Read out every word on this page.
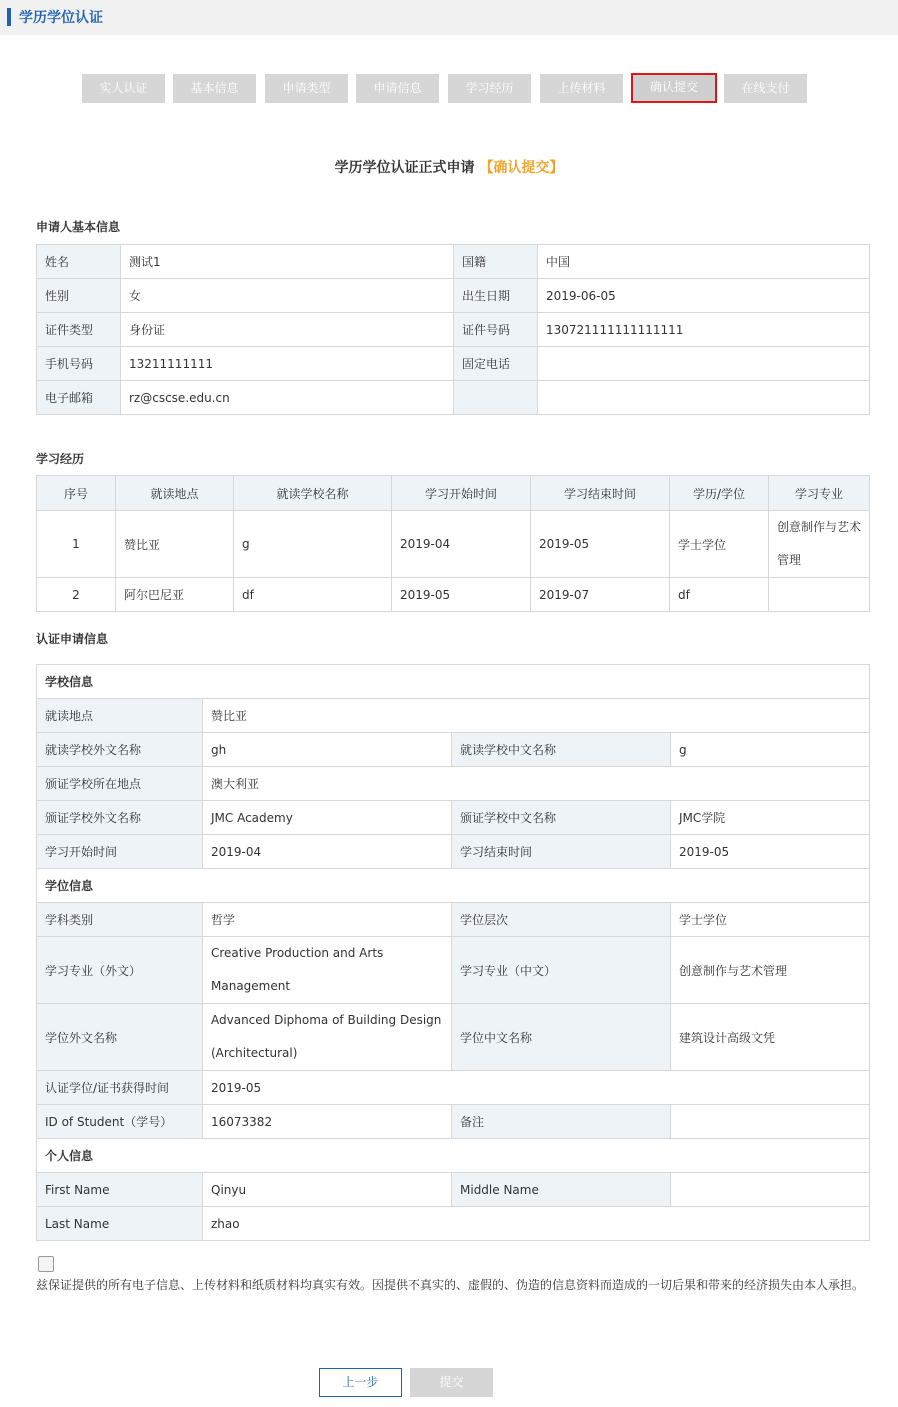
学历学位认证
实人认证	基本信息	申请类型	申请信息	学习经历	上传材料	确认提交	在线支付
学历学位认证正式申请 【确认提交】
申请人基本信息
姓名	测试1	国籍	中国
性别	女	出生日期	2019-06-05
证件类型	身份证	证件号码	130721111111111111
手机号码	13211111111	固定电话	
电子邮箱	rz@cscse.edu.cn		
学习经历
序号	就读地点	就读学校名称	学习开始时间	学习结束时间	学历/学位	学习专业
1	赞比亚	g	2019-04	2019-05	学士学位	创意制作与艺术管理
2	阿尔巴尼亚	df	2019-05	2019-07	df	
认证申请信息
学校信息			
就读地点	赞比亚		
就读学校外文名称	gh	就读学校中文名称	g
颁证学校所在地点	澳大利亚		
颁证学校外文名称	JMC Academy	颁证学校中文名称	JMC学院
学习开始时间	2019-04	学习结束时间	2019-05
学位信息			
学科类别	哲学	学位层次	学士学位
学习专业（外文）	Creative Production and Arts Management	学习专业（中文）	创意制作与艺术管理
学位外文名称	Advanced Diphoma of Building Design (Architectural)	学位中文名称	建筑设计高级文凭
认证学位/证书获得时间	2019-05		
ID of Student（学号）	16073382	备注	
个人信息			
First Name	Qinyu	Middle Name	
Last Name	zhao		
兹保证提供的所有电子信息、上传材料和纸质材料均真实有效。因提供不真实的、虚假的、伪造的信息资料而造成的一切后果和带来的经济损失由本人承担。
上一步	提交
